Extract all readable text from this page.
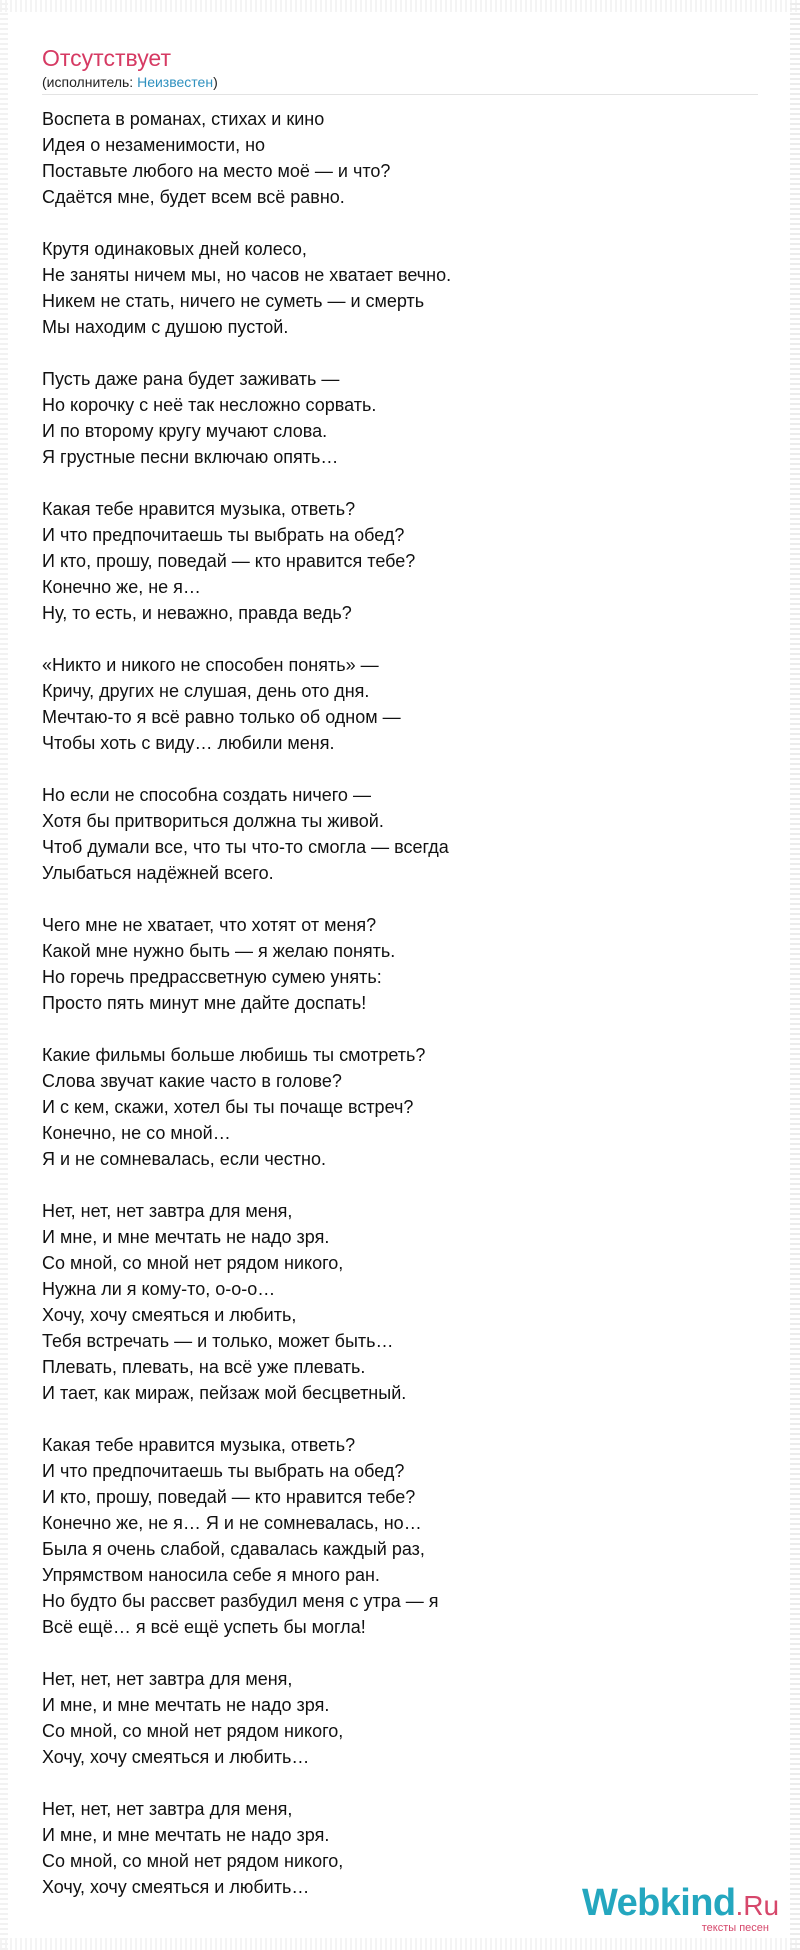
Отсутствует
(исполнитель: Неизвестен)
Воспета в романах, стихах и кино
Идея о незаменимости, но
Поставьте любого на место моё — и что?
Сдаётся мне, будет всем всё равно.
Крутя одинаковых дней колесо,
Не заняты ничем мы, но часов не хватает вечно.
Никем не стать, ничего не суметь — и смерть
Мы находим с душою пустой.
Пусть даже рана будет заживать —
Но корочку с неё так несложно сорвать.
И по второму кругу мучают слова.
Я грустные песни включаю опять…
Какая тебе нравится музыка, ответь?
И что предпочитаешь ты выбрать на обед?
И кто, прошу, поведай — кто нравится тебе?
Конечно же, не я…
Ну, то есть, и неважно, правда ведь?
«Никто и никого не способен понять» —
Кричу, других не слушая, день ото дня.
Мечтаю-то я всё равно только об одном —
Чтобы хоть с виду… любили меня.
Но если не способна создать ничего —
Хотя бы притвориться должна ты живой.
Чтоб думали все, что ты что-то смогла — всегда
Улыбаться надёжней всего.
Чего мне не хватает, что хотят от меня?
Какой мне нужно быть — я желаю понять.
Но горечь предрассветную сумею унять:
Просто пять минут мне дайте доспать!
Какие фильмы больше любишь ты смотреть?
Слова звучат какие часто в голове?
И с кем, скажи, хотел бы ты почаще встреч?
Конечно, не со мной…
Я и не сомневалась, если честно.
Нет, нет, нет завтра для меня,
И мне, и мне мечтать не надо зря.
Со мной, со мной нет рядом никого,
Нужна ли я кому-то, о-о-о…
Хочу, хочу смеяться и любить,
Тебя встречать — и только, может быть…
Плевать, плевать, на всё уже плевать.
И тает, как мираж, пейзаж мой бесцветный.
Какая тебе нравится музыка, ответь?
И что предпочитаешь ты выбрать на обед?
И кто, прошу, поведай — кто нравится тебе?
Конечно же, не я… Я и не сомневалась, но…
Была я очень слабой, сдавалась каждый раз,
Упрямством наносила себе я много ран.
Но будто бы рассвет разбудил меня с утра — я
Всё ещё… я всё ещё успеть бы могла!
Нет, нет, нет завтра для меня,
И мне, и мне мечтать не надо зря.
Со мной, со мной нет рядом никого,
Хочу, хочу смеяться и любить…
Нет, нет, нет завтра для меня,
И мне, и мне мечтать не надо зря.
Со мной, со мной нет рядом никого,
Хочу, хочу смеяться и любить…	Webkind.Ru
тексты песен
